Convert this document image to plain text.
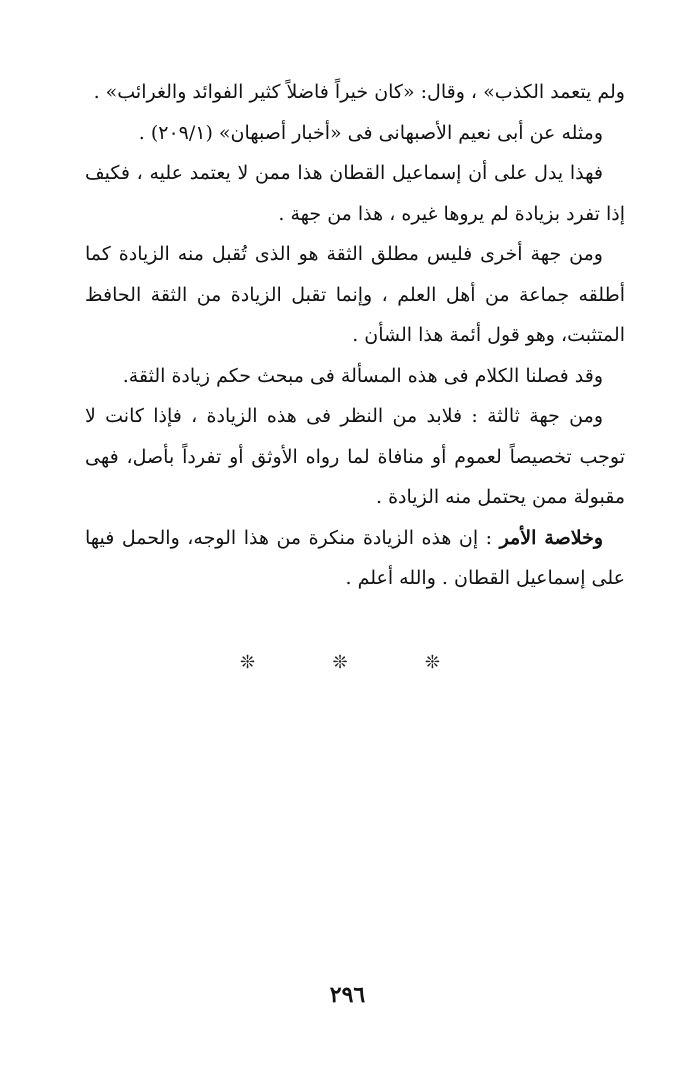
ولم يتعمد الكذب» ، وقال: «كان خيراً فاضلاً كثير الفوائد والغرائب» .

ومثله عن أبى نعيم الأصبهانى فى «أخبار أصبهان» (٢٠٩/١) .

فهذا يدل على أن إسماعيل القطان هذا ممن لا يعتمد عليه ، فكيف إذا تفرد بزيادة لم يروها غيره ، هذا من جهة .

ومن جهة أخرى فليس مطلق الثقة هو الذى تُقبل منه الزيادة كما أطلقه جماعة من أهل العلم ، وإنما تقبل الزيادة من الثقة الحافظ المتثبت، وهو قول أئمة هذا الشأن .

وقد فصلنا الكلام فى هذه المسألة فى مبحث حكم زيادة الثقة.

ومن جهة ثالثة : فلابد من النظر فى هذه الزيادة ، فإذا كانت لا توجب تخصيصاً لعموم أو منافاة لما رواه الأوثق أو تفرداً بأصل، فهى مقبولة ممن يحتمل منه الزيادة .

وخلاصة الأمر : إن هذه الزيادة منكرة من هذا الوجه، والحمل فيها على إسماعيل القطان . والله أعلم .

❊	❊	❊
٢٩٦
